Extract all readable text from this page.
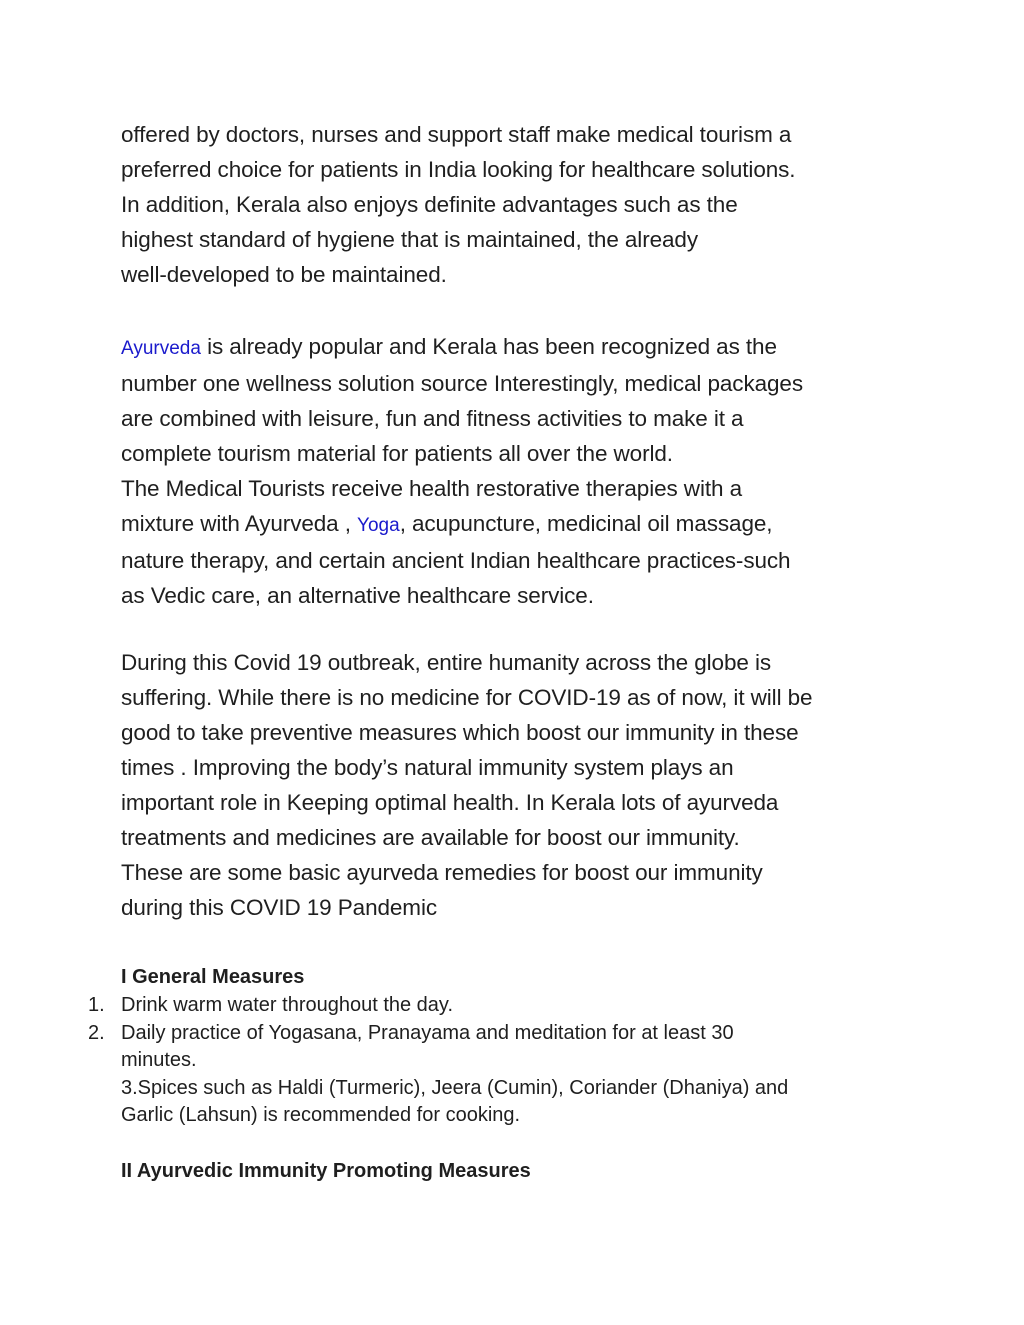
offered by doctors, nurses and support staff make medical tourism a
preferred choice for patients in India looking for healthcare solutions.
In addition, Kerala also enjoys definite advantages such as the
highest standard of hygiene that is maintained, the already
well-developed to be maintained.

Ayurveda is already popular and Kerala has been recognized as the
number one wellness solution source Interestingly, medical packages
are combined with leisure, fun and fitness activities to make it a
complete tourism material for patients all over the world.
The Medical Tourists receive health restorative therapies with a
mixture with Ayurveda , Yoga, acupuncture, medicinal oil massage,
nature therapy, and certain ancient Indian healthcare practices-such
as Vedic care, an alternative healthcare service.

During this Covid 19 outbreak, entire humanity across the globe is
suffering. While there is no medicine for COVID-19 as of now, it will be
good to take preventive measures which boost our immunity in these
times . Improving the body’s natural immunity system plays an
important role in Keeping optimal health. In Kerala lots of ayurveda
treatments and medicines are available for boost our immunity.
These are some basic ayurveda remedies for boost our immunity
during this COVID 19 Pandemic

I General Measures
1. Drink warm water throughout the day.
2. Daily practice of Yogasana, Pranayama and meditation for at least 30
minutes.
3.Spices such as Haldi (Turmeric), Jeera (Cumin), Coriander (Dhaniya) and
Garlic (Lahsun) is recommended for cooking.
II Ayurvedic Immunity Promoting Measures
